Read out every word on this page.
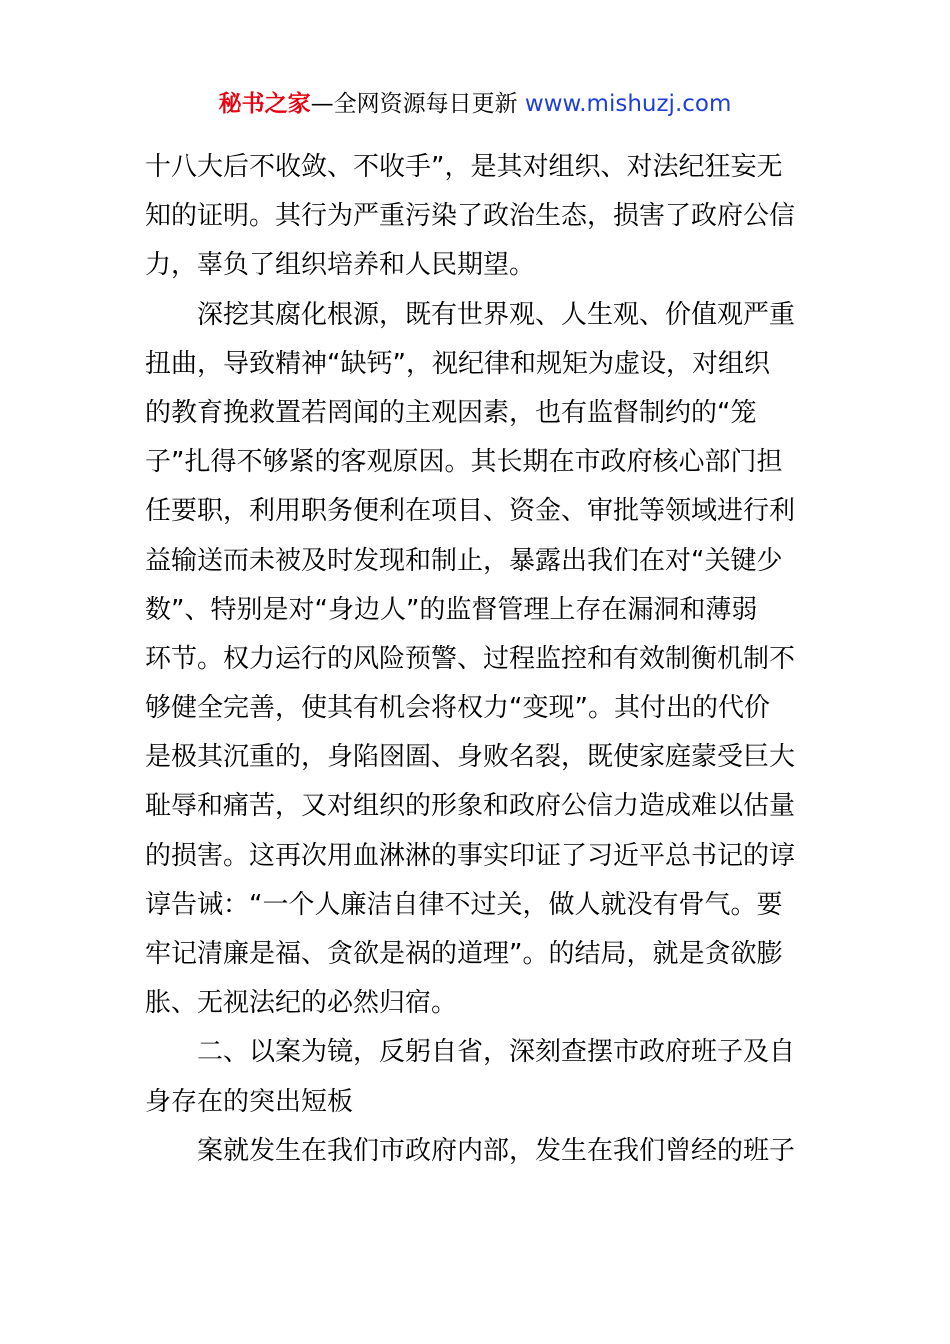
秘书之家—全网资源每日更新 www.mishuzj.com
十八大后不收敛、不收手”，是其对组织、对法纪狂妄无
知的证明。其行为严重污染了政治生态，损害了政府公信
力，辜负了组织培养和人民期望。
深挖其腐化根源，既有世界观、人生观、价值观严重
扭曲，导致精神“缺钙”，视纪律和规矩为虚设，对组织
的教育挽救置若罔闻的主观因素，也有监督制约的“笼
子”扎得不够紧的客观原因。其长期在市政府核心部门担
任要职，利用职务便利在项目、资金、审批等领域进行利
益输送而未被及时发现和制止，暴露出我们在对“关键少
数”、特别是对“身边人”的监督管理上存在漏洞和薄弱
环节。权力运行的风险预警、过程监控和有效制衡机制不
够健全完善，使其有机会将权力“变现”。其付出的代价
是极其沉重的，身陷囹圄、身败名裂，既使家庭蒙受巨大
耻辱和痛苦，又对组织的形象和政府公信力造成难以估量
的损害。这再次用血淋淋的事实印证了习近平总书记的谆
谆告诫：“一个人廉洁自律不过关，做人就没有骨气。要
牢记清廉是福、贪欲是祸的道理”。的结局，就是贪欲膨
胀、无视法纪的必然归宿。
二、以案为镜，反躬自省，深刻查摆市政府班子及自
身存在的突出短板
案就发生在我们市政府内部，发生在我们曾经的班子
